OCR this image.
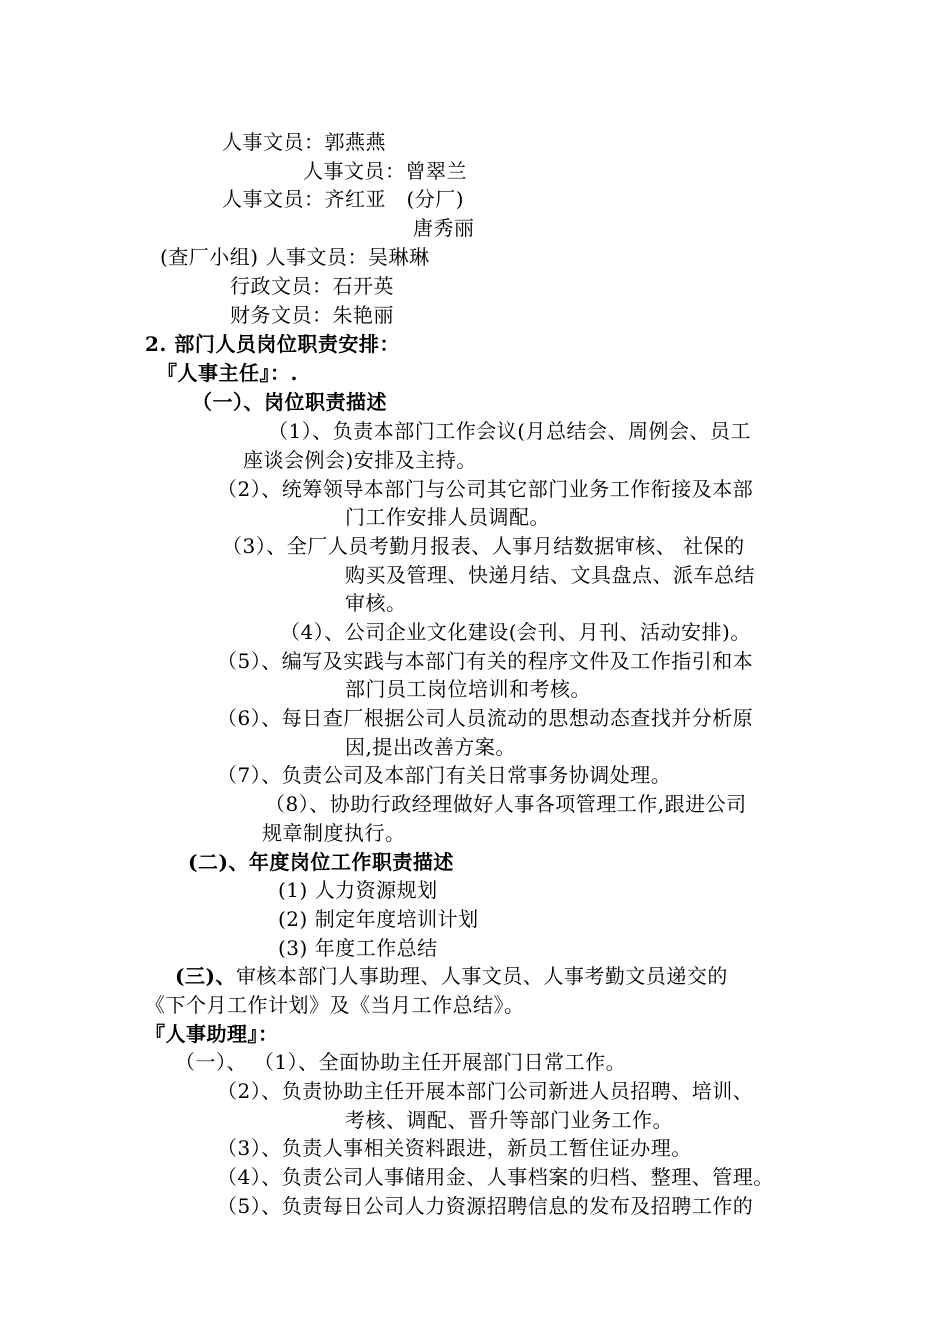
人事文员：郭燕燕
人事文员：曾翠兰
人事文员：齐红亚　(分厂)
唐秀丽
(查厂小组) 人事文员：吴琳琳
行政文员：石开英
财务文员：朱艳丽
2. 部门人员岗位职责安排：
『人事主任』：.
（一）、岗位职责描述
（1）、负责本部门工作会议(月总结会、周例会、员工
座谈会例会)安排及主持。
（2）、统筹领导本部门与公司其它部门业务工作衔接及本部
门工作安排人员调配。
（3）、全厂人员考勤月报表、人事月结数据审核、 社保的
购买及管理、快递月结、文具盘点、派车总结
审核。
（4）、公司企业文化建设(会刊、月刊、活动安排)。
（5）、编写及实践与本部门有关的程序文件及工作指引和本
部门员工岗位培训和考核。
（6）、每日查厂根据公司人员流动的思想动态查找并分析原
因,提出改善方案。
（7）、负责公司及本部门有关日常事务协调处理。
（8）、协助行政经理做好人事各项管理工作,跟进公司
规章制度执行。
(二)、年度岗位工作职责描述
(1) 人力资源规划
(2) 制定年度培训计划
(3) 年度工作总结
(三)、审核本部门人事助理、人事文员、人事考勤文员递交的
《下个月工作计划》及《当月工作总结》。
『人事助理』：
（一）、 （1）、全面协助主任开展部门日常工作。
（2）、负责协助主任开展本部门公司新进人员招聘、培训、
考核、调配、晋升等部门业务工作。
（3）、负责人事相关资料跟进，新员工暂住证办理。
（4）、负责公司人事储用金、人事档案的归档、整理、管理。
（5）、负责每日公司人力资源招聘信息的发布及招聘工作的
